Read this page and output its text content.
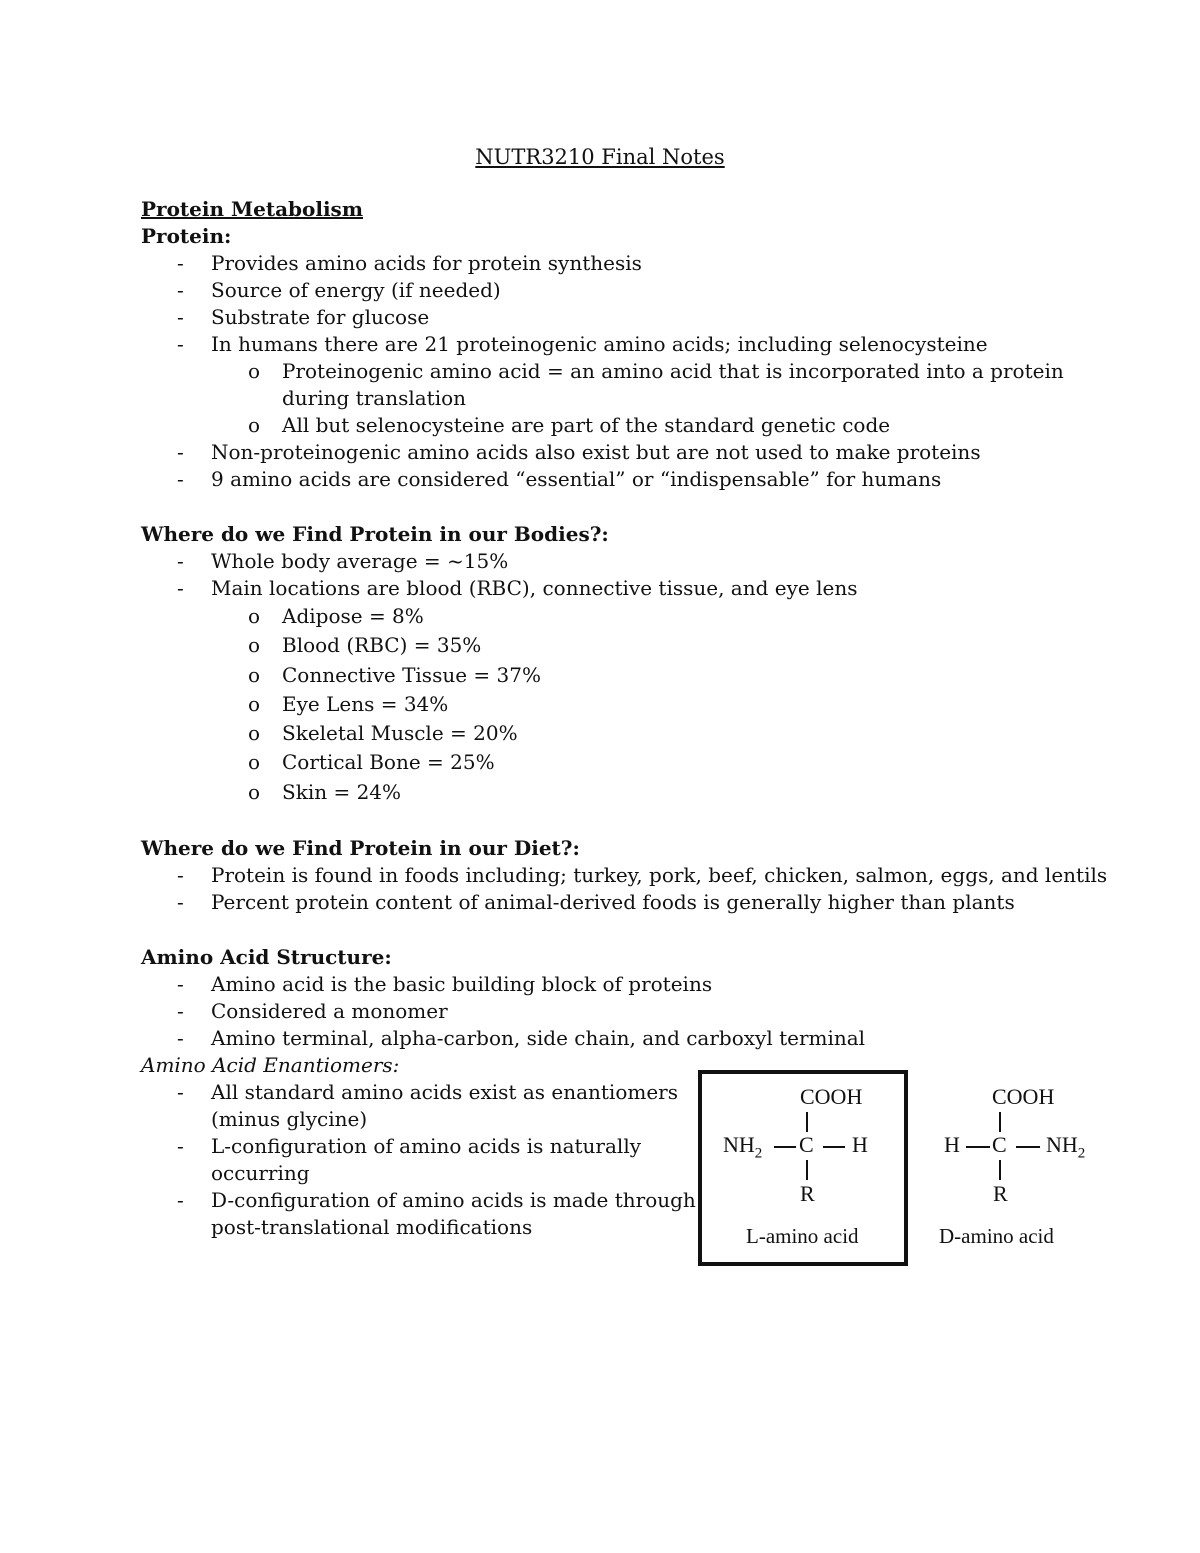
NUTR3210 Final Notes
Protein Metabolism
Protein:
- Provides amino acids for protein synthesis
- Source of energy (if needed)
- Substrate for glucose
- In humans there are 21 proteinogenic amino acids; including selenocysteine
o Proteinogenic amino acid = an amino acid that is incorporated into a protein
during translation
o All but selenocysteine are part of the standard genetic code
- Non-proteinogenic amino acids also exist but are not used to make proteins
- 9 amino acids are considered “essential” or “indispensable” for humans
Where do we Find Protein in our Bodies?:
- Whole body average = ~15%
- Main locations are blood (RBC), connective tissue, and eye lens
o Adipose = 8%
o Blood (RBC) = 35%
o Connective Tissue = 37%
o Eye Lens = 34%
o Skeletal Muscle = 20%
o Cortical Bone = 25%
o Skin = 24%
Where do we Find Protein in our Diet?:
- Protein is found in foods including; turkey, pork, beef, chicken, salmon, eggs, and lentils
- Percent protein content of animal-derived foods is generally higher than plants
Amino Acid Structure:
- Amino acid is the basic building block of proteins
- Considered a monomer
- Amino terminal, alpha-carbon, side chain, and carboxyl terminal
Amino Acid Enantiomers:
- All standard amino acids exist as enantiomers
(minus glycine)
- L-configuration of amino acids is naturally
occurring
- D-configuration of amino acids is made through
post-translational modifications
COOH
$NH_2$ C H
R
L-amino acid
COOH
H C $NH_2$
R
D-amino acid
